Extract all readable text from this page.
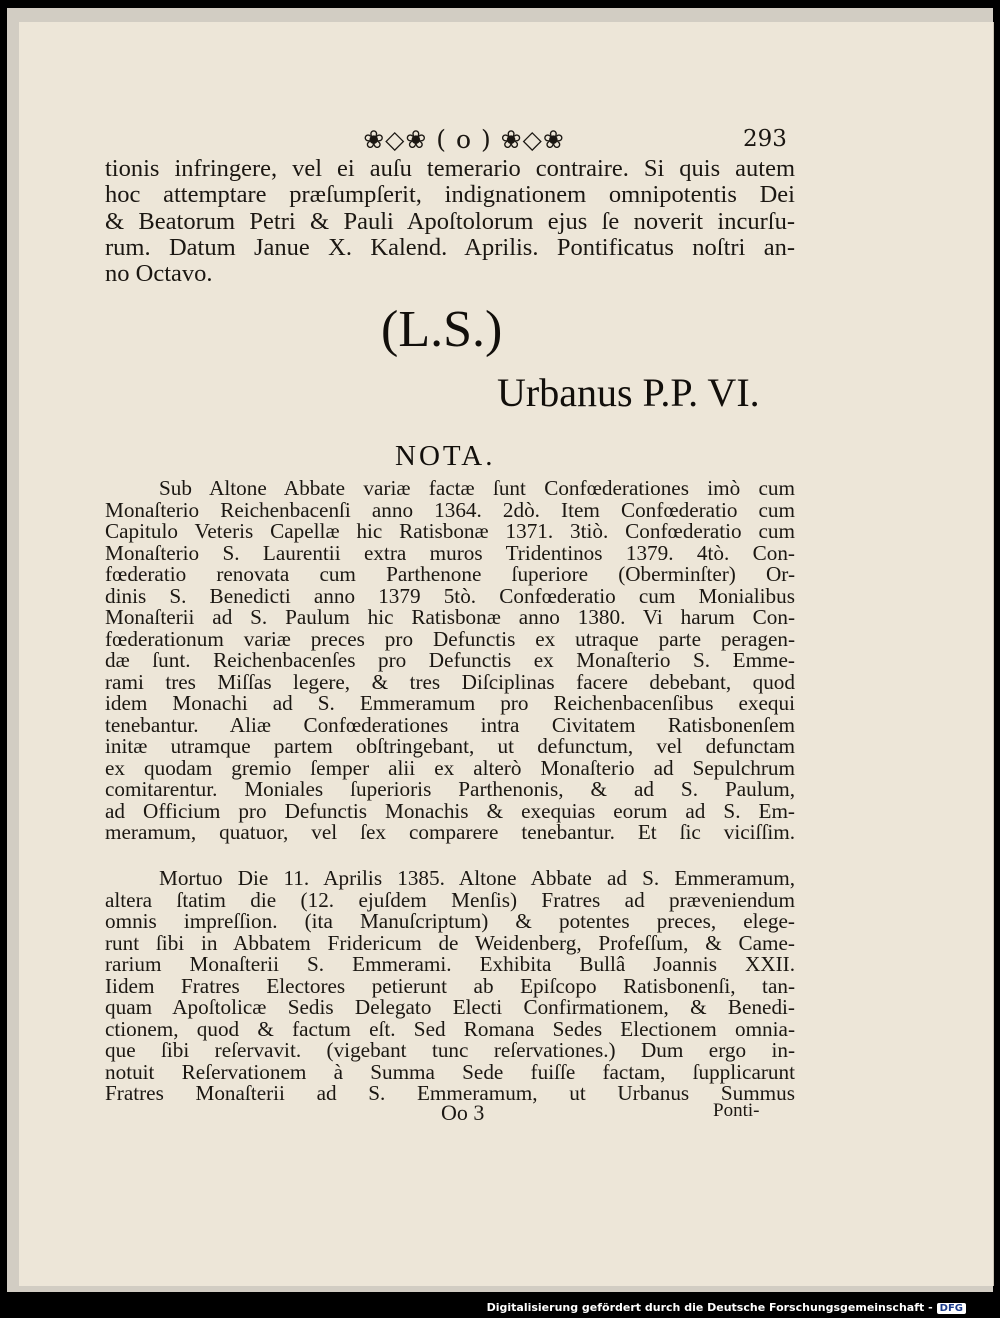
❀◇❀ ( o ) ❀◇❀	293
tionis infringere, vel ei auſu temerario contraire. Si quis autem
hoc attemptare præſumpſerit, indignationem omnipotentis Dei
& Beatorum Petri & Pauli Apoſtolorum ejus ſe noverit incurſu-
rum. Datum Janue X. Kalend. Aprilis. Pontificatus noſtri an-
no Octavo.
(L.S.)
Urbanus P.P. VI.
NOTA.
Sub Altone Abbate variæ factæ ſunt Confœderationes imò cum
Monaſterio Reichenbacenſi anno 1364. 2dò. Item Confœderatio cum
Capitulo Veteris Capellæ hic Ratisbonæ 1371. 3tiò. Confœderatio cum
Monaſterio S. Laurentii extra muros Tridentinos 1379. 4tò. Con-
fœderatio renovata cum Parthenone ſuperiore (Oberminſter) Or-
dinis S. Benedicti anno 1379 5tò. Confœderatio cum Monialibus
Monaſterii ad S. Paulum hic Ratisbonæ anno 1380. Vi harum Con-
fœderationum variæ preces pro Defunctis ex utraque parte peragen-
dæ ſunt. Reichenbacenſes pro Defunctis ex Monaſterio S. Emme-
rami tres Miſſas legere, & tres Diſciplinas facere debebant, quod
idem Monachi ad S. Emmeramum pro Reichenbacenſibus exequi
tenebantur. Aliæ Confœderationes intra Civitatem Ratisbonenſem
initæ utramque partem obſtringebant, ut defunctum, vel defunctam
ex quodam gremio ſemper alii ex alterò Monaſterio ad Sepulchrum
comitarentur. Moniales ſuperioris Parthenonis, & ad S. Paulum,
ad Officium pro Defunctis Monachis & exequias eorum ad S. Em-
meramum, quatuor, vel ſex comparere tenebantur. Et ſic viciſſim.
Mortuo Die 11. Aprilis 1385. Altone Abbate ad S. Emmeramum,
altera ſtatim die (12. ejuſdem Menſis) Fratres ad præveniendum
omnis impreſſion. (ita Manuſcriptum) & potentes preces, elege-
runt ſibi in Abbatem Fridericum de Weidenberg, Profeſſum, & Came-
rarium Monaſterii S. Emmerami. Exhibita Bullâ Joannis XXII.
Iidem Fratres Electores petierunt ab Epiſcopo Ratisbonenſi, tan-
quam Apoſtolicæ Sedis Delegato Electi Confirmationem, & Benedi-
ctionem, quod & factum eſt. Sed Romana Sedes Electionem omnia-
que ſibi reſervavit. (vigebant tunc reſervationes.) Dum ergo in-
notuit Reſervationem à Summa Sede fuiſſe factam, ſupplicarunt
Fratres Monaſterii ad S. Emmeramum, ut Urbanus Summus
Oo 3	Ponti-
Digitalisierung gefördert durch die Deutsche Forschungsgemeinschaft - DFG
